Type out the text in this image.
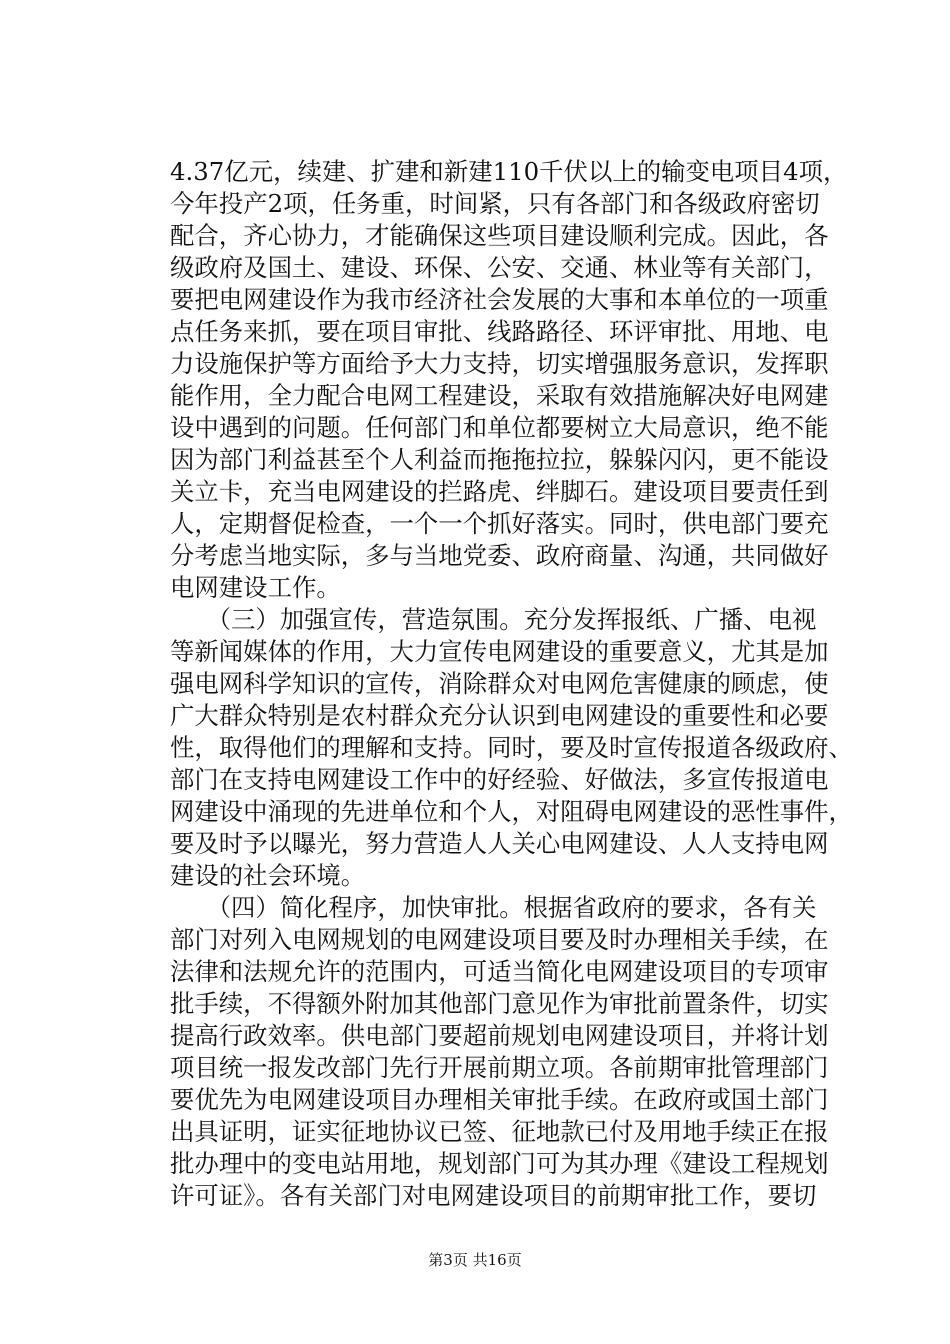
4.37亿元，续建、扩建和新建110千伏以上的输变电项目4项，
今年投产2项，任务重，时间紧，只有各部门和各级政府密切
配合，齐心协力，才能确保这些项目建设顺利完成。因此，各
级政府及国土、建设、环保、公安、交通、林业等有关部门，
要把电网建设作为我市经济社会发展的大事和本单位的一项重
点任务来抓，要在项目审批、线路路径、环评审批、用地、电
力设施保护等方面给予大力支持，切实增强服务意识，发挥职
能作用，全力配合电网工程建设，采取有效措施解决好电网建
设中遇到的问题。任何部门和单位都要树立大局意识，绝不能
因为部门利益甚至个人利益而拖拖拉拉，躲躲闪闪，更不能设
关立卡，充当电网建设的拦路虎、绊脚石。建设项目要责任到
人，定期督促检查，一个一个抓好落实。同时，供电部门要充
分考虑当地实际，多与当地党委、政府商量、沟通，共同做好
电网建设工作。
　　（三）加强宣传，营造氛围。充分发挥报纸、广播、电视
等新闻媒体的作用，大力宣传电网建设的重要意义，尤其是加
强电网科学知识的宣传，消除群众对电网危害健康的顾虑，使
广大群众特别是农村群众充分认识到电网建设的重要性和必要
性，取得他们的理解和支持。同时，要及时宣传报道各级政府、
部门在支持电网建设工作中的好经验、好做法，多宣传报道电
网建设中涌现的先进单位和个人，对阻碍电网建设的恶性事件，
要及时予以曝光，努力营造人人关心电网建设、人人支持电网
建设的社会环境。
　　（四）简化程序，加快审批。根据省政府的要求，各有关
部门对列入电网规划的电网建设项目要及时办理相关手续，在
法律和法规允许的范围内，可适当简化电网建设项目的专项审
批手续，不得额外附加其他部门意见作为审批前置条件，切实
提高行政效率。供电部门要超前规划电网建设项目，并将计划
项目统一报发改部门先行开展前期立项。各前期审批管理部门
要优先为电网建设项目办理相关审批手续。在政府或国土部门
出具证明，证实征地协议已签、征地款已付及用地手续正在报
批办理中的变电站用地，规划部门可为其办理《建设工程规划
许可证》。各有关部门对电网建设项目的前期审批工作，要切
第3页 共16页
